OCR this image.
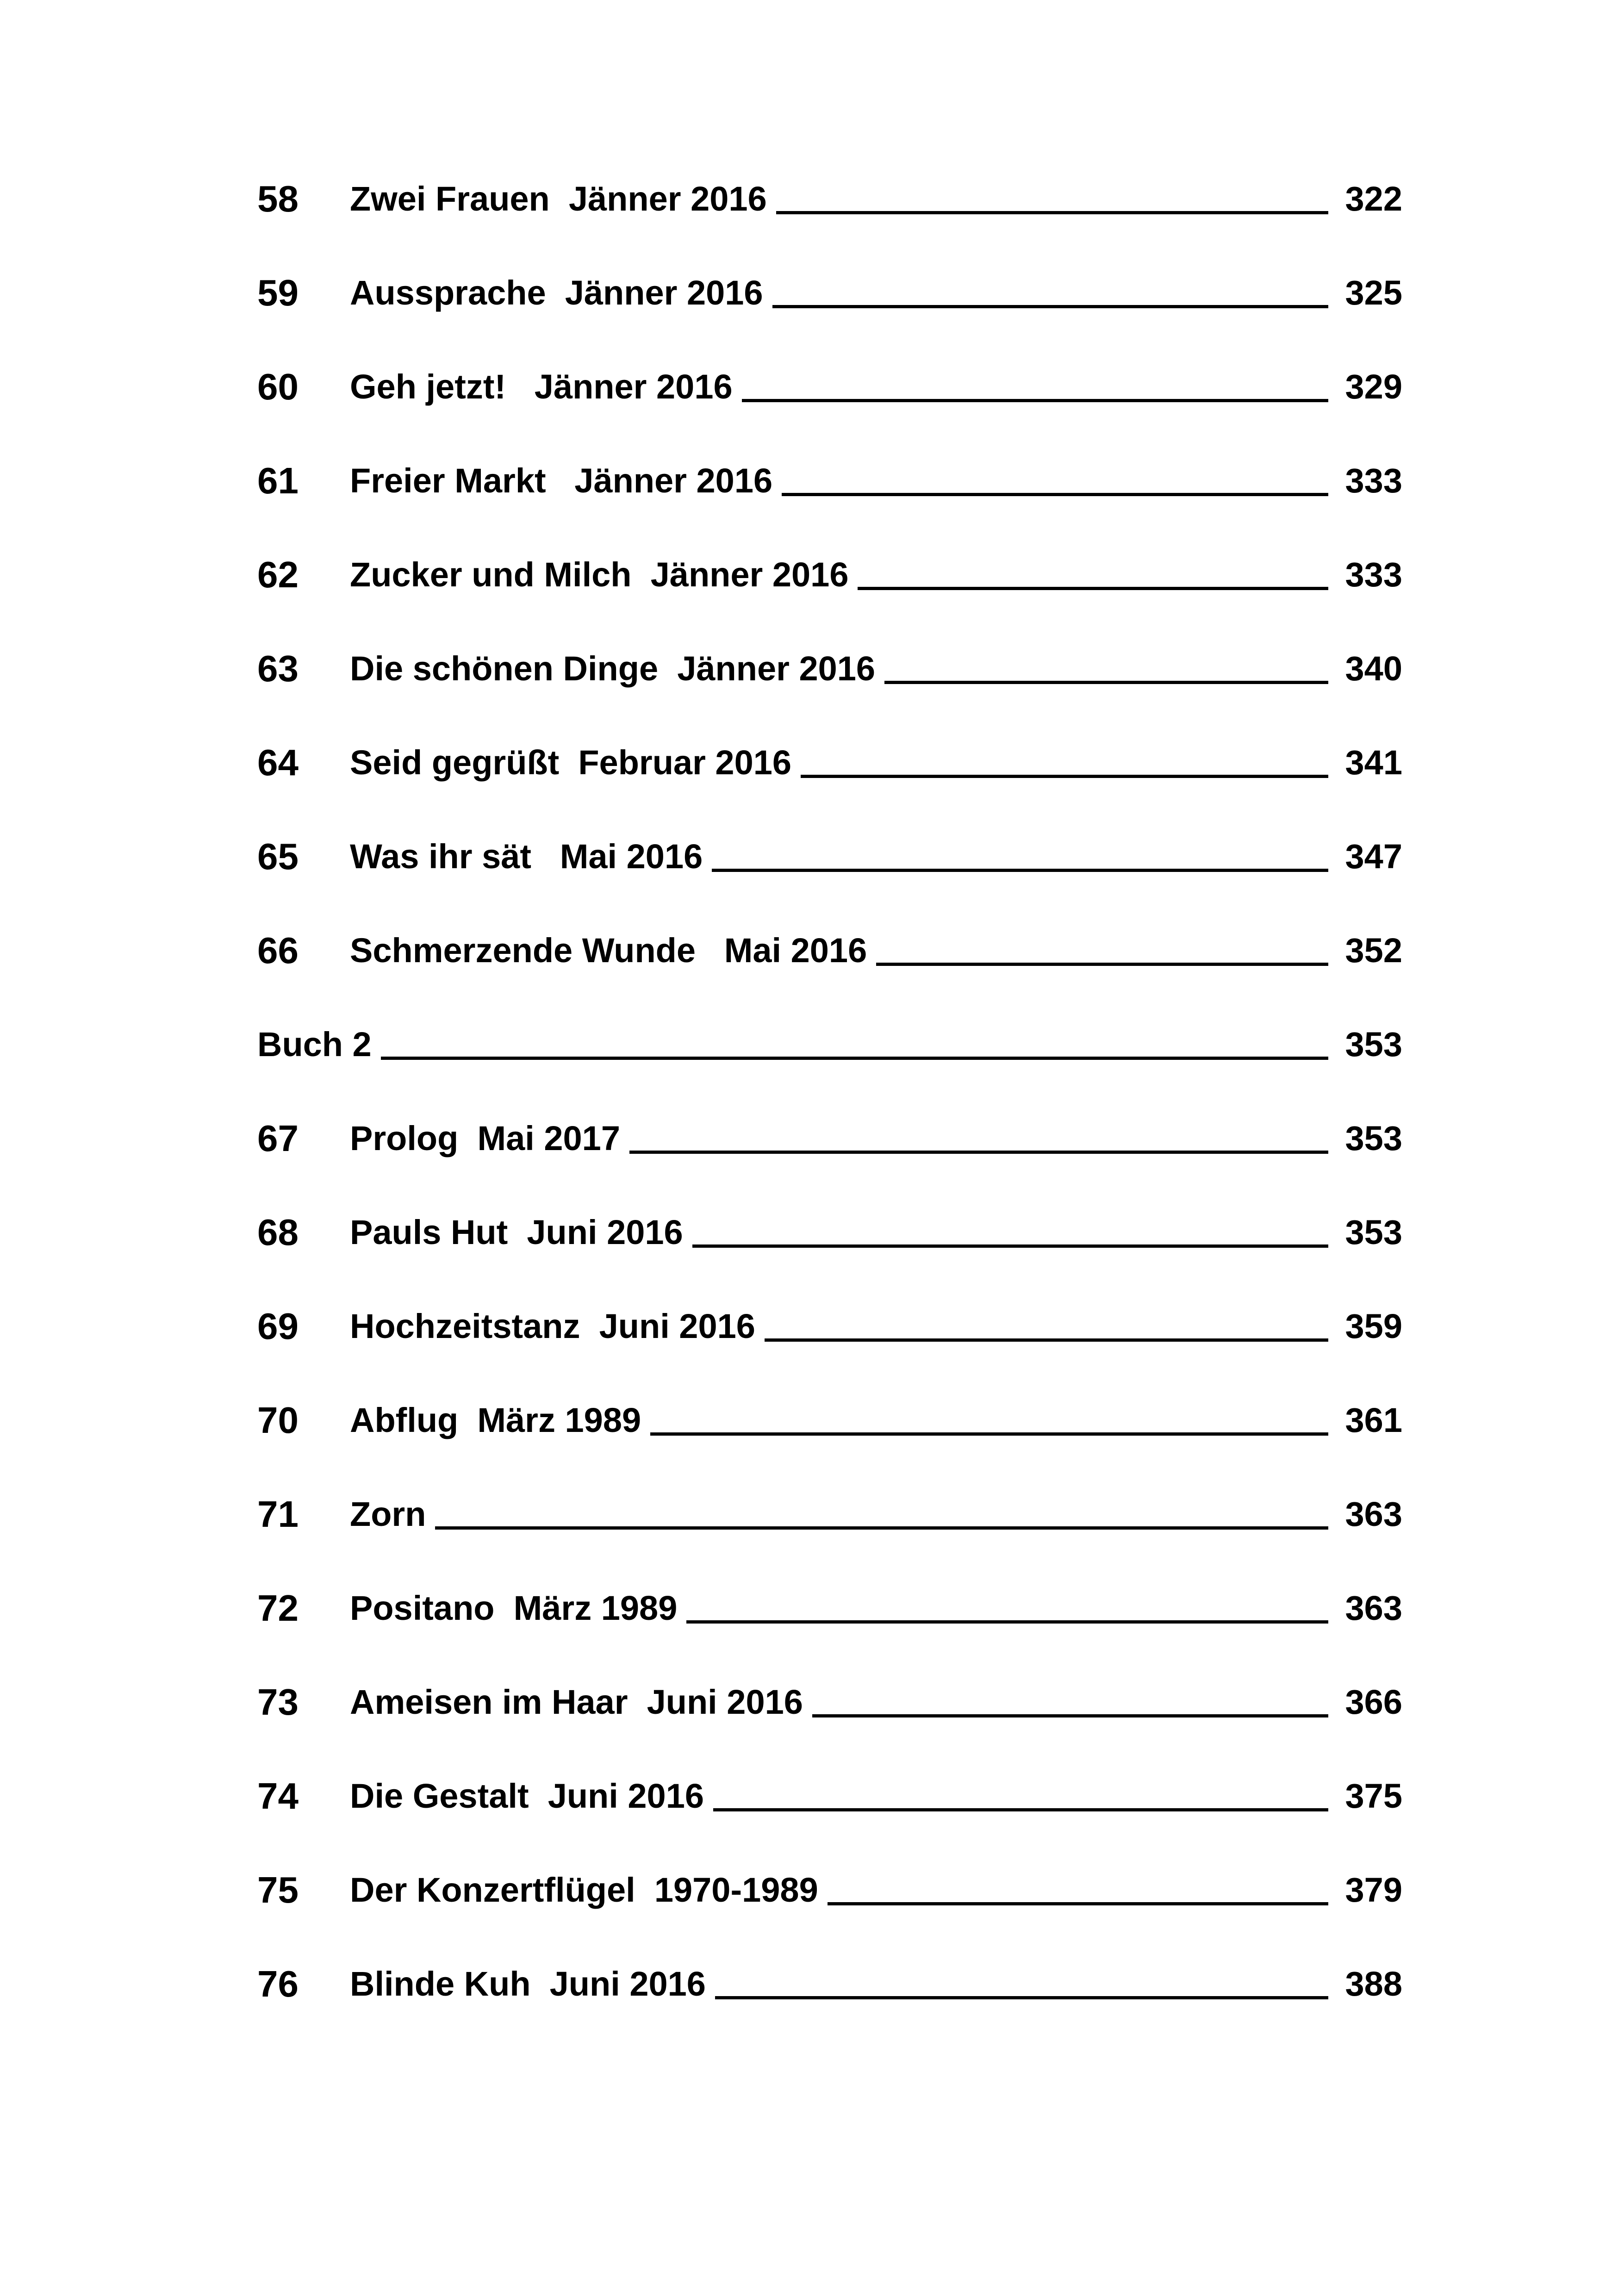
58 Zwei Frauen  Jänner 2016	322
59 Aussprache  Jänner 2016	325
60 Geh jetzt!   Jänner 2016	329
61 Freier Markt   Jänner 2016	333
62 Zucker und Milch  Jänner 2016	333
63 Die schönen Dinge  Jänner 2016	340
64 Seid gegrüßt  Februar 2016	341
65 Was ihr sät   Mai 2016	347
66 Schmerzende Wunde   Mai 2016	352
Buch 2	353
67 Prolog  Mai 2017	353
68 Pauls Hut  Juni 2016	353
69 Hochzeitstanz  Juni 2016	359
70 Abflug  März 1989	361
71 Zorn	363
72 Positano  März 1989	363
73 Ameisen im Haar  Juni 2016	366
74 Die Gestalt  Juni 2016	375
75 Der Konzertflügel  1970-1989	379
76 Blinde Kuh  Juni 2016	388
